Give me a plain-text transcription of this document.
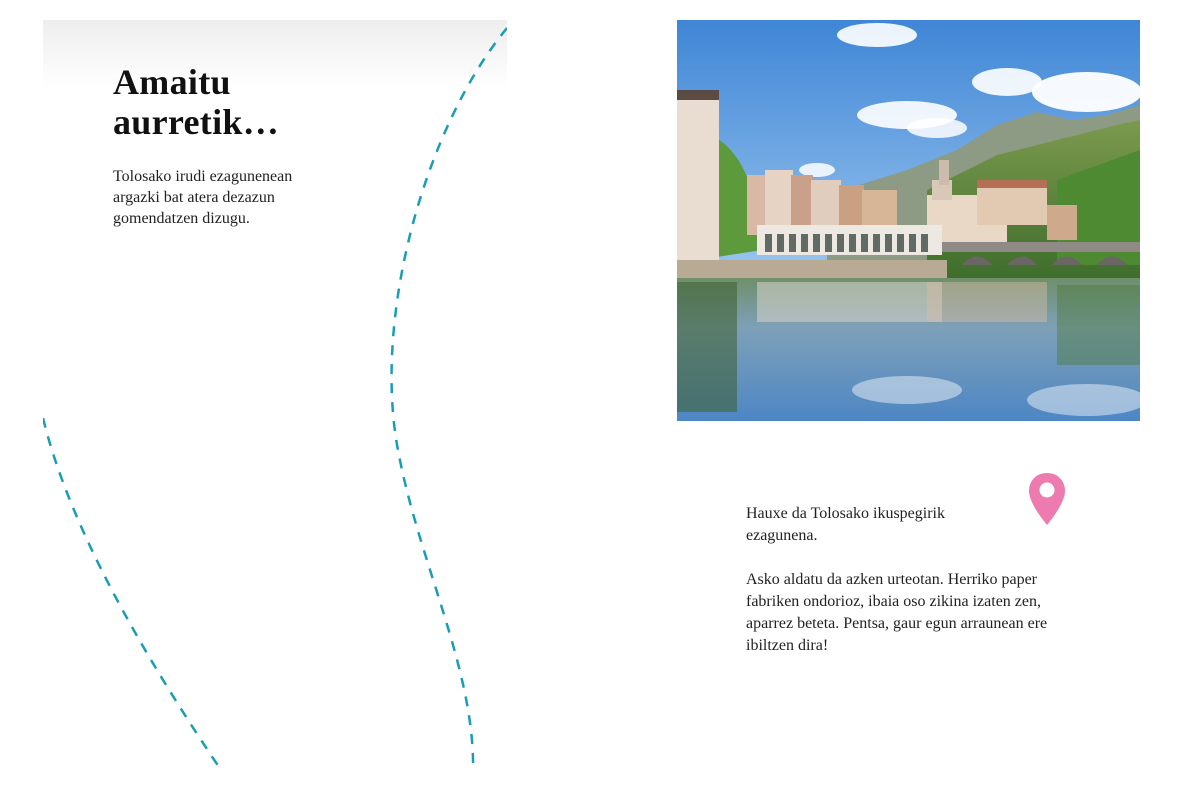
Amaitu aurretik…

Tolosako irudi ezagunenean argazki bat atera dezazun gomendatzen dizugu.

Hauxe da Tolosako ikuspegirik ezagunena.

Asko aldatu da azken urteotan. Herriko paper fabriken ondorioz, ibaia oso zikina izaten zen, aparrez beteta. Pentsa, gaur egun arraunean ere ibiltzen dira!
